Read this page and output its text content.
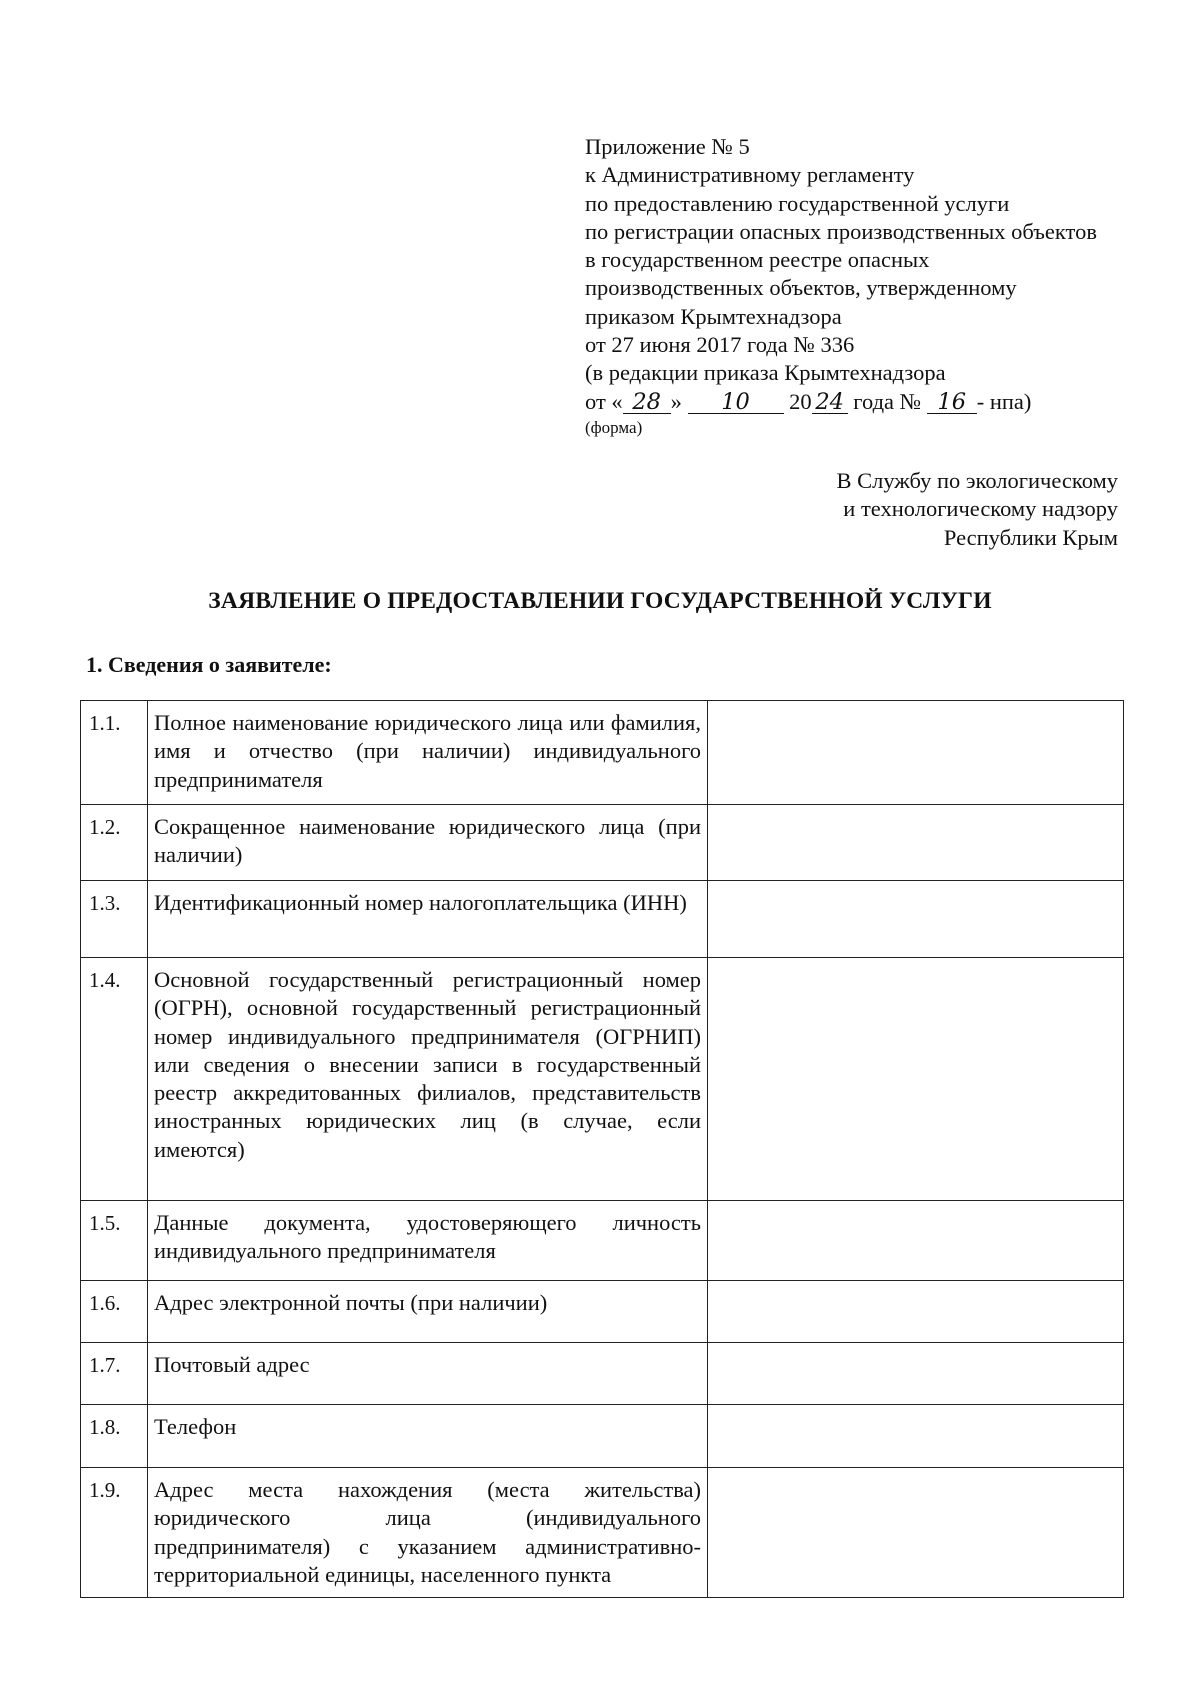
Приложение № 5
к Административному регламенту
по предоставлению государственной услуги
по регистрации опасных производственных объектов
в государственном реестре опасных
производственных объектов, утвержденному
приказом Крымтехнадзора
от 27 июня 2017 года № 336
(в редакции приказа Крымтехнадзора
от « 28 » 10 20 24 года № 16 - нпа)
(форма)
В Службу по экологическому
и технологическому надзору
Республики Крым
ЗАЯВЛЕНИЕ О ПРЕДОСТАВЛЕНИИ ГОСУДАРСТВЕННОЙ УСЛУГИ
1. Сведения о заявителе:
1.1.	Полное наименование юридического лица или фамилия, имя и отчество (при наличии) индивидуального предпринимателя	
1.2.	Сокращенное наименование юридического лица (при наличии)	
1.3.	Идентификационный номер налогоплательщика (ИНН)	
1.4.	Основной государственный регистрационный номер (ОГРН), основной государственный регистрационный номер индивидуального предпринимателя (ОГРНИП) или сведения о внесении записи в государственный реестр аккредитованных филиалов, представительств иностранных юридических лиц (в случае, если имеются)	
1.5.	Данные документа, удостоверяющего личность индивидуального предпринимателя	
1.6.	Адрес электронной почты (при наличии)	
1.7.	Почтовый адрес	
1.8.	Телефон	
1.9.	Адрес места нахождения (места жительства) юридического лица (индивидуального предпринимателя) с указанием административно-территориальной единицы, населенного пункта	
